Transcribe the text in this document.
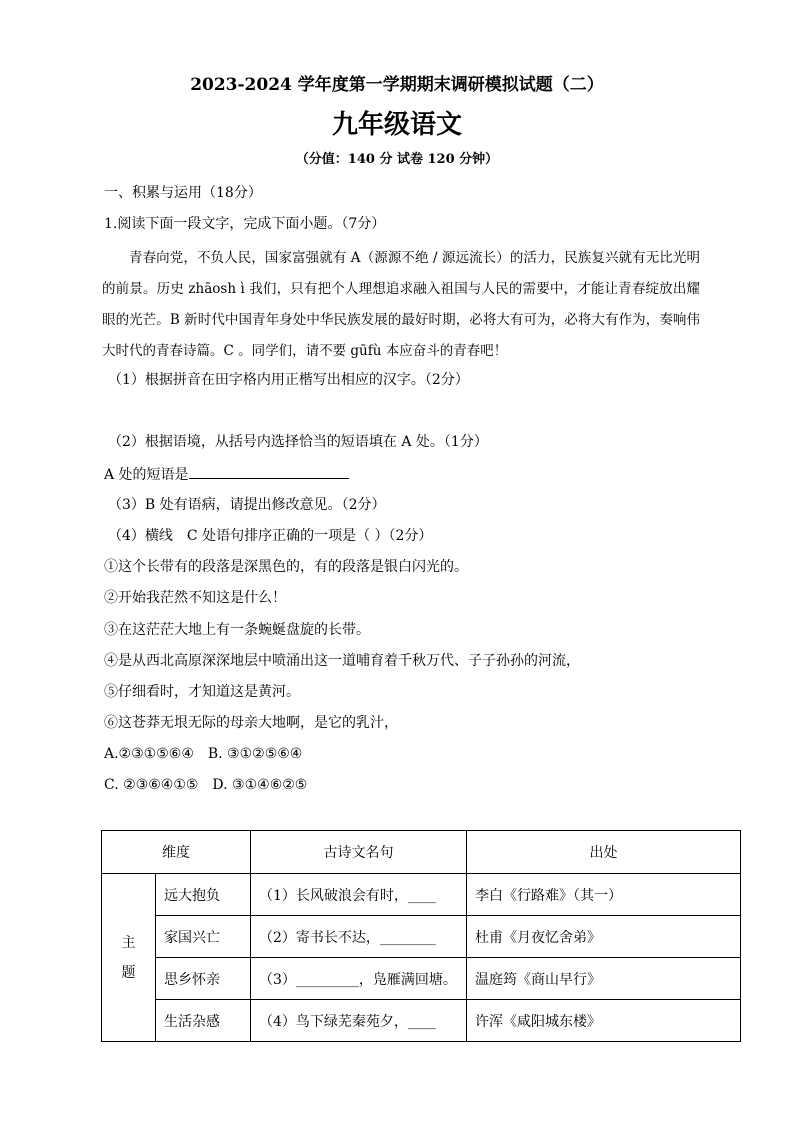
2023-2024 学年度第一学期期末调研模拟试题（二）
九年级语文
（分值：140 分 试卷 120 分钟）
一、积累与运用（18分）
1.阅读下面一段文字，完成下面小题。（7分）
青春向党，不负人民，国家富强就有 A（源源不绝 / 源远流长）的活力，民族复兴就有无比光明的前景。历史 zhāosh ì 我们，只有把个人理想追求融入祖国与人民的需要中，才能让青春绽放出耀眼的光芒。B 新时代中国青年身处中华民族发展的最好时期，必将大有可为，必将大有作为，奏响伟大时代的青春诗篇。C 。同学们，请不要 gūfù 本应奋斗的青春吧！
（1）根据拼音在田字格内用正楷写出相应的汉字。（2分）
（2）根据语境，从括号内选择恰当的短语填在 A 处。（1分）
A 处的短语是
（3）B 处有语病，请提出修改意见。（2分）
（4）横线　C 处语句排序正确的一项是（ ）（2分）
①这个长带有的段落是深黑色的，有的段落是银白闪光的。
②开始我茫然不知这是什么！
③在这茫茫大地上有一条蜿蜒盘旋的长带。
④是从西北高原深深地层中喷涌出这一道哺育着千秋万代、子子孙孙的河流，
⑤仔细看时，才知道这是黄河。
⑥这苍莽无垠无际的母亲大地啊，是它的乳汁，
A.②③①⑤⑥④　B. ③①②⑤⑥④
C. ②③⑥④①⑤　D. ③①④⑥②⑤
维度		古诗文名句	出处

主
题	远大抱负	（1）长风破浪会有时，____	李白《行路难》（其一）
	家国兴亡	（2）寄书长不达，________	杜甫《月夜忆舍弟》
	思乡怀亲	（3）_________，凫雁满回塘。	温庭筠《商山早行》
	生活杂感	（4）鸟下绿芜秦苑夕，____	许浑《咸阳城东楼》
